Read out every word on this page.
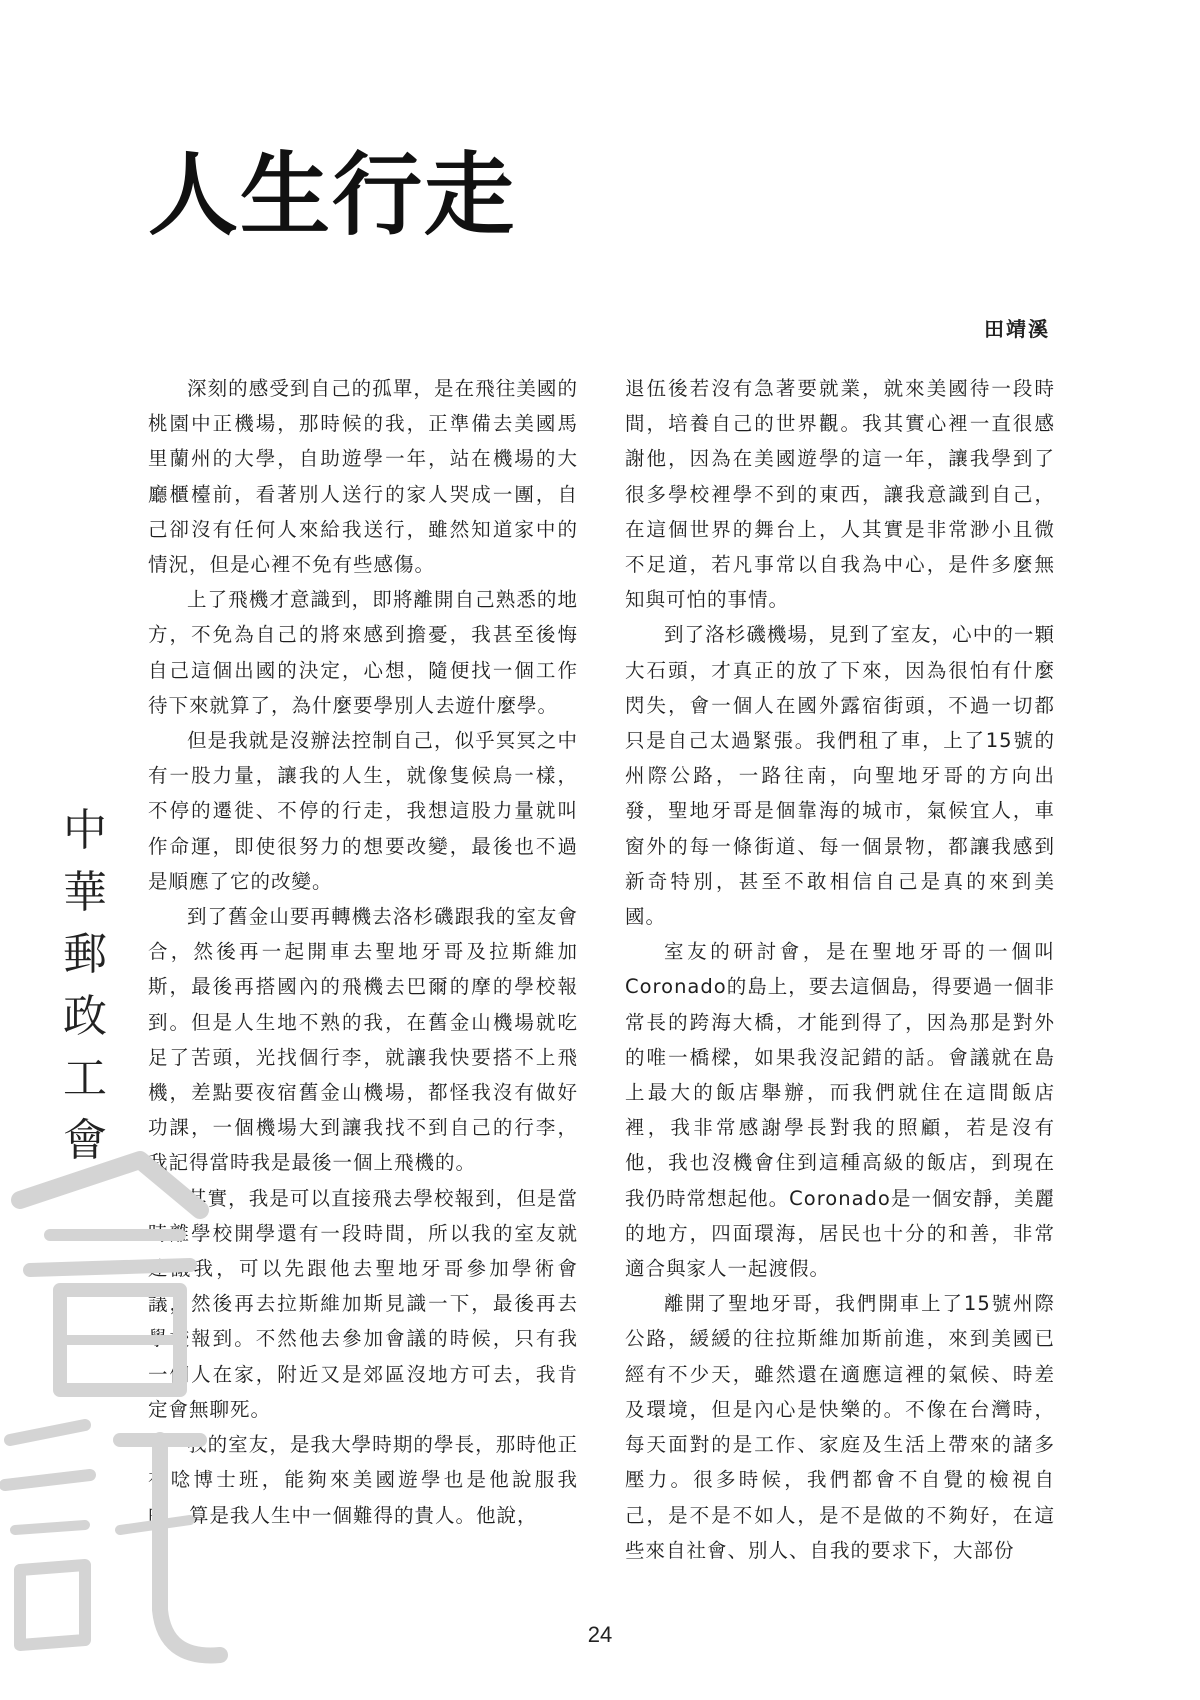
人生行走
田靖溪

深刻的感受到自己的孤單，是在飛往美國的桃園中正機場，那時候的我，正準備去美國馬里蘭州的大學，自助遊學一年，站在機場的大廳櫃檯前，看著別人送行的家人哭成一團，自己卻沒有任何人來給我送行，雖然知道家中的情況，但是心裡不免有些感傷。

上了飛機才意識到，即將離開自己熟悉的地方，不免為自己的將來感到擔憂，我甚至後悔自己這個出國的決定，心想，隨便找一個工作待下來就算了，為什麼要學別人去遊什麼學。

但是我就是沒辦法控制自己，似乎冥冥之中有一股力量，讓我的人生，就像隻候鳥一樣，不停的遷徙、不停的行走，我想這股力量就叫作命運，即使很努力的想要改變，最後也不過是順應了它的改變。

到了舊金山要再轉機去洛杉磯跟我的室友會合，然後再一起開車去聖地牙哥及拉斯維加斯，最後再搭國內的飛機去巴爾的摩的學校報到。但是人生地不熟的我，在舊金山機場就吃足了苦頭，光找個行李，就讓我快要搭不上飛機，差點要夜宿舊金山機場，都怪我沒有做好功課，一個機場大到讓我找不到自己的行李，我記得當時我是最後一個上飛機的。

其實，我是可以直接飛去學校報到，但是當時離學校開學還有一段時間，所以我的室友就建議我，可以先跟他去聖地牙哥參加學術會議，然後再去拉斯維加斯見識一下，最後再去學校報到。不然他去參加會議的時候，只有我一個人在家，附近又是郊區沒地方可去，我肯定會無聊死。

我的室友，是我大學時期的學長，那時他正在唸博士班，能夠來美國遊學也是他說服我的，算是我人生中一個難得的貴人。他說，

退伍後若沒有急著要就業，就來美國待一段時間，培養自己的世界觀。我其實心裡一直很感謝他，因為在美國遊學的這一年，讓我學到了很多學校裡學不到的東西，讓我意識到自己，在這個世界的舞台上，人其實是非常渺小且微不足道，若凡事常以自我為中心，是件多麼無知與可怕的事情。

到了洛杉磯機場，見到了室友，心中的一顆大石頭，才真正的放了下來，因為很怕有什麼閃失，會一個人在國外露宿街頭，不過一切都只是自己太過緊張。我們租了車，上了15號的州際公路，一路往南，向聖地牙哥的方向出發，聖地牙哥是個靠海的城市，氣候宜人，車窗外的每一條街道、每一個景物，都讓我感到新奇特別，甚至不敢相信自己是真的來到美國。

室友的研討會，是在聖地牙哥的一個叫Coronado的島上，要去這個島，得要過一個非常長的跨海大橋，才能到得了，因為那是對外的唯一橋樑，如果我沒記錯的話。會議就在島上最大的飯店舉辦，而我們就住在這間飯店裡，我非常感謝學長對我的照顧，若是沒有他，我也沒機會住到這種高級的飯店，到現在我仍時常想起他。Coronado是一個安靜，美麗的地方，四面環海，居民也十分的和善，非常適合與家人一起渡假。

離開了聖地牙哥，我們開車上了15號州際公路，緩緩的往拉斯維加斯前進，來到美國已經有不少天，雖然還在適應這裡的氣候、時差及環境，但是內心是快樂的。不像在台灣時，每天面對的是工作、家庭及生活上帶來的諸多壓力。很多時候，我們都會不自覺的檢視自己，是不是不如人，是不是做的不夠好，在這些來自社會、別人、自我的要求下，大部份

中
華
郵
政
工
會
24
